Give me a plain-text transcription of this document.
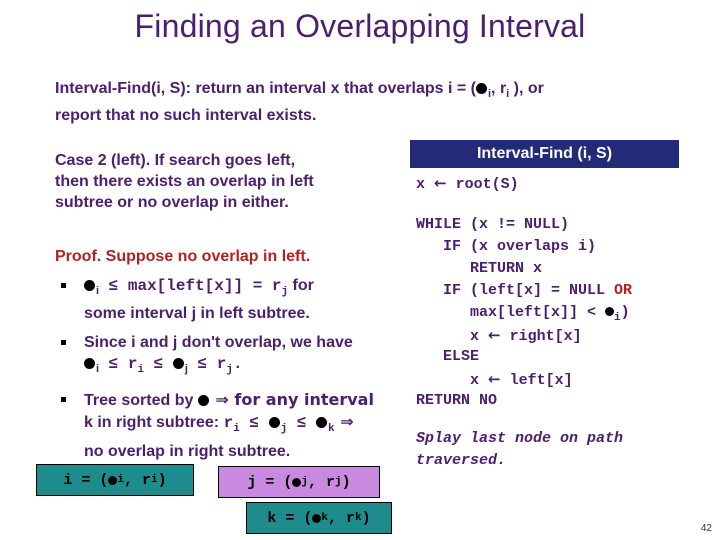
Finding an Overlapping Interval
Interval-Find(i, S): return an interval x that overlaps i = ( $_i$, $r_i$ ), or
report that no such interval exists.
Case 2 (left). If search goes left,
then there exists an overlap in left
subtree or no overlap in either.
Proof. Suppose no overlap in left.
$_i$ ≤ max[left[x]] = $r_j$ for
some interval j in left subtree.
Since i and j don't overlap, we have
$_i \le r_i \le _j \le r_j$.
Tree sorted by  ⇒ for any interval
k in right subtree: $r_i \le _j \le _k$ ⇒
no overlap in right subtree.
i = ( i , r i )	j = ( j , r j )
k = ( k , r k )
Interval-Find (i, S)
x ← root(S)
WHILE (x != NULL)
IF (x overlaps i)
RETURN x
IF (left[x] = NULL OR
max[left[x]] < $_i$)
x ← right[x]
ELSE
x ← left[x]
RETURN NO
Splay last node on path
traversed.
42
